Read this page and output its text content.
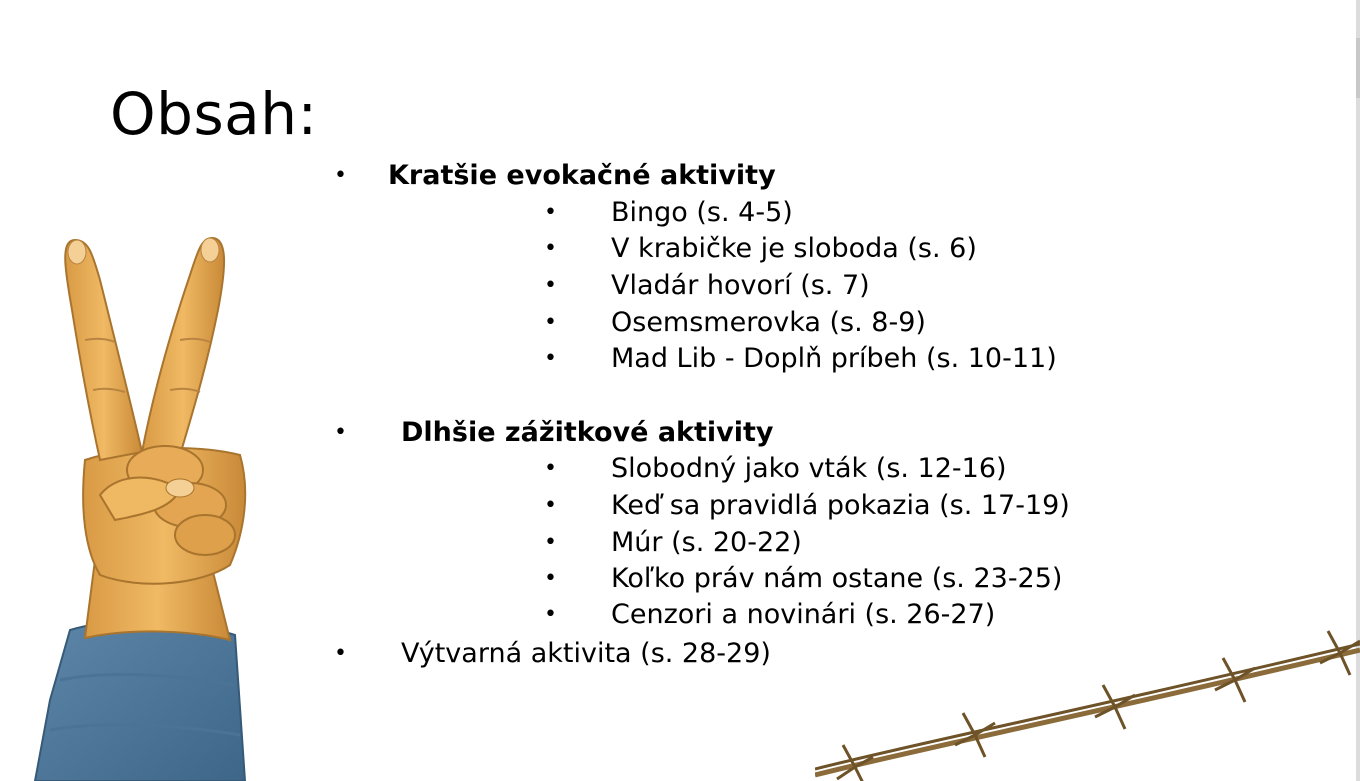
Obsah:
• Kratšie evokačné aktivity
• Bingo (s. 4-5)
• V krabičke je sloboda (s. 6)
• Vladár hovorí (s. 7)
• Osemsmerovka (s. 8-9)
• Mad Lib - Doplň príbeh (s. 10-11)
• Dlhšie zážitkové aktivity
• Slobodný jako vták (s. 12-16)
• Keď sa pravidlá pokazia (s. 17-19)
• Múr (s. 20-22)
• Koľko práv nám ostane (s. 23-25)
• Cenzori a novinári (s. 26-27)
• Výtvarná aktivita (s. 28-29)
